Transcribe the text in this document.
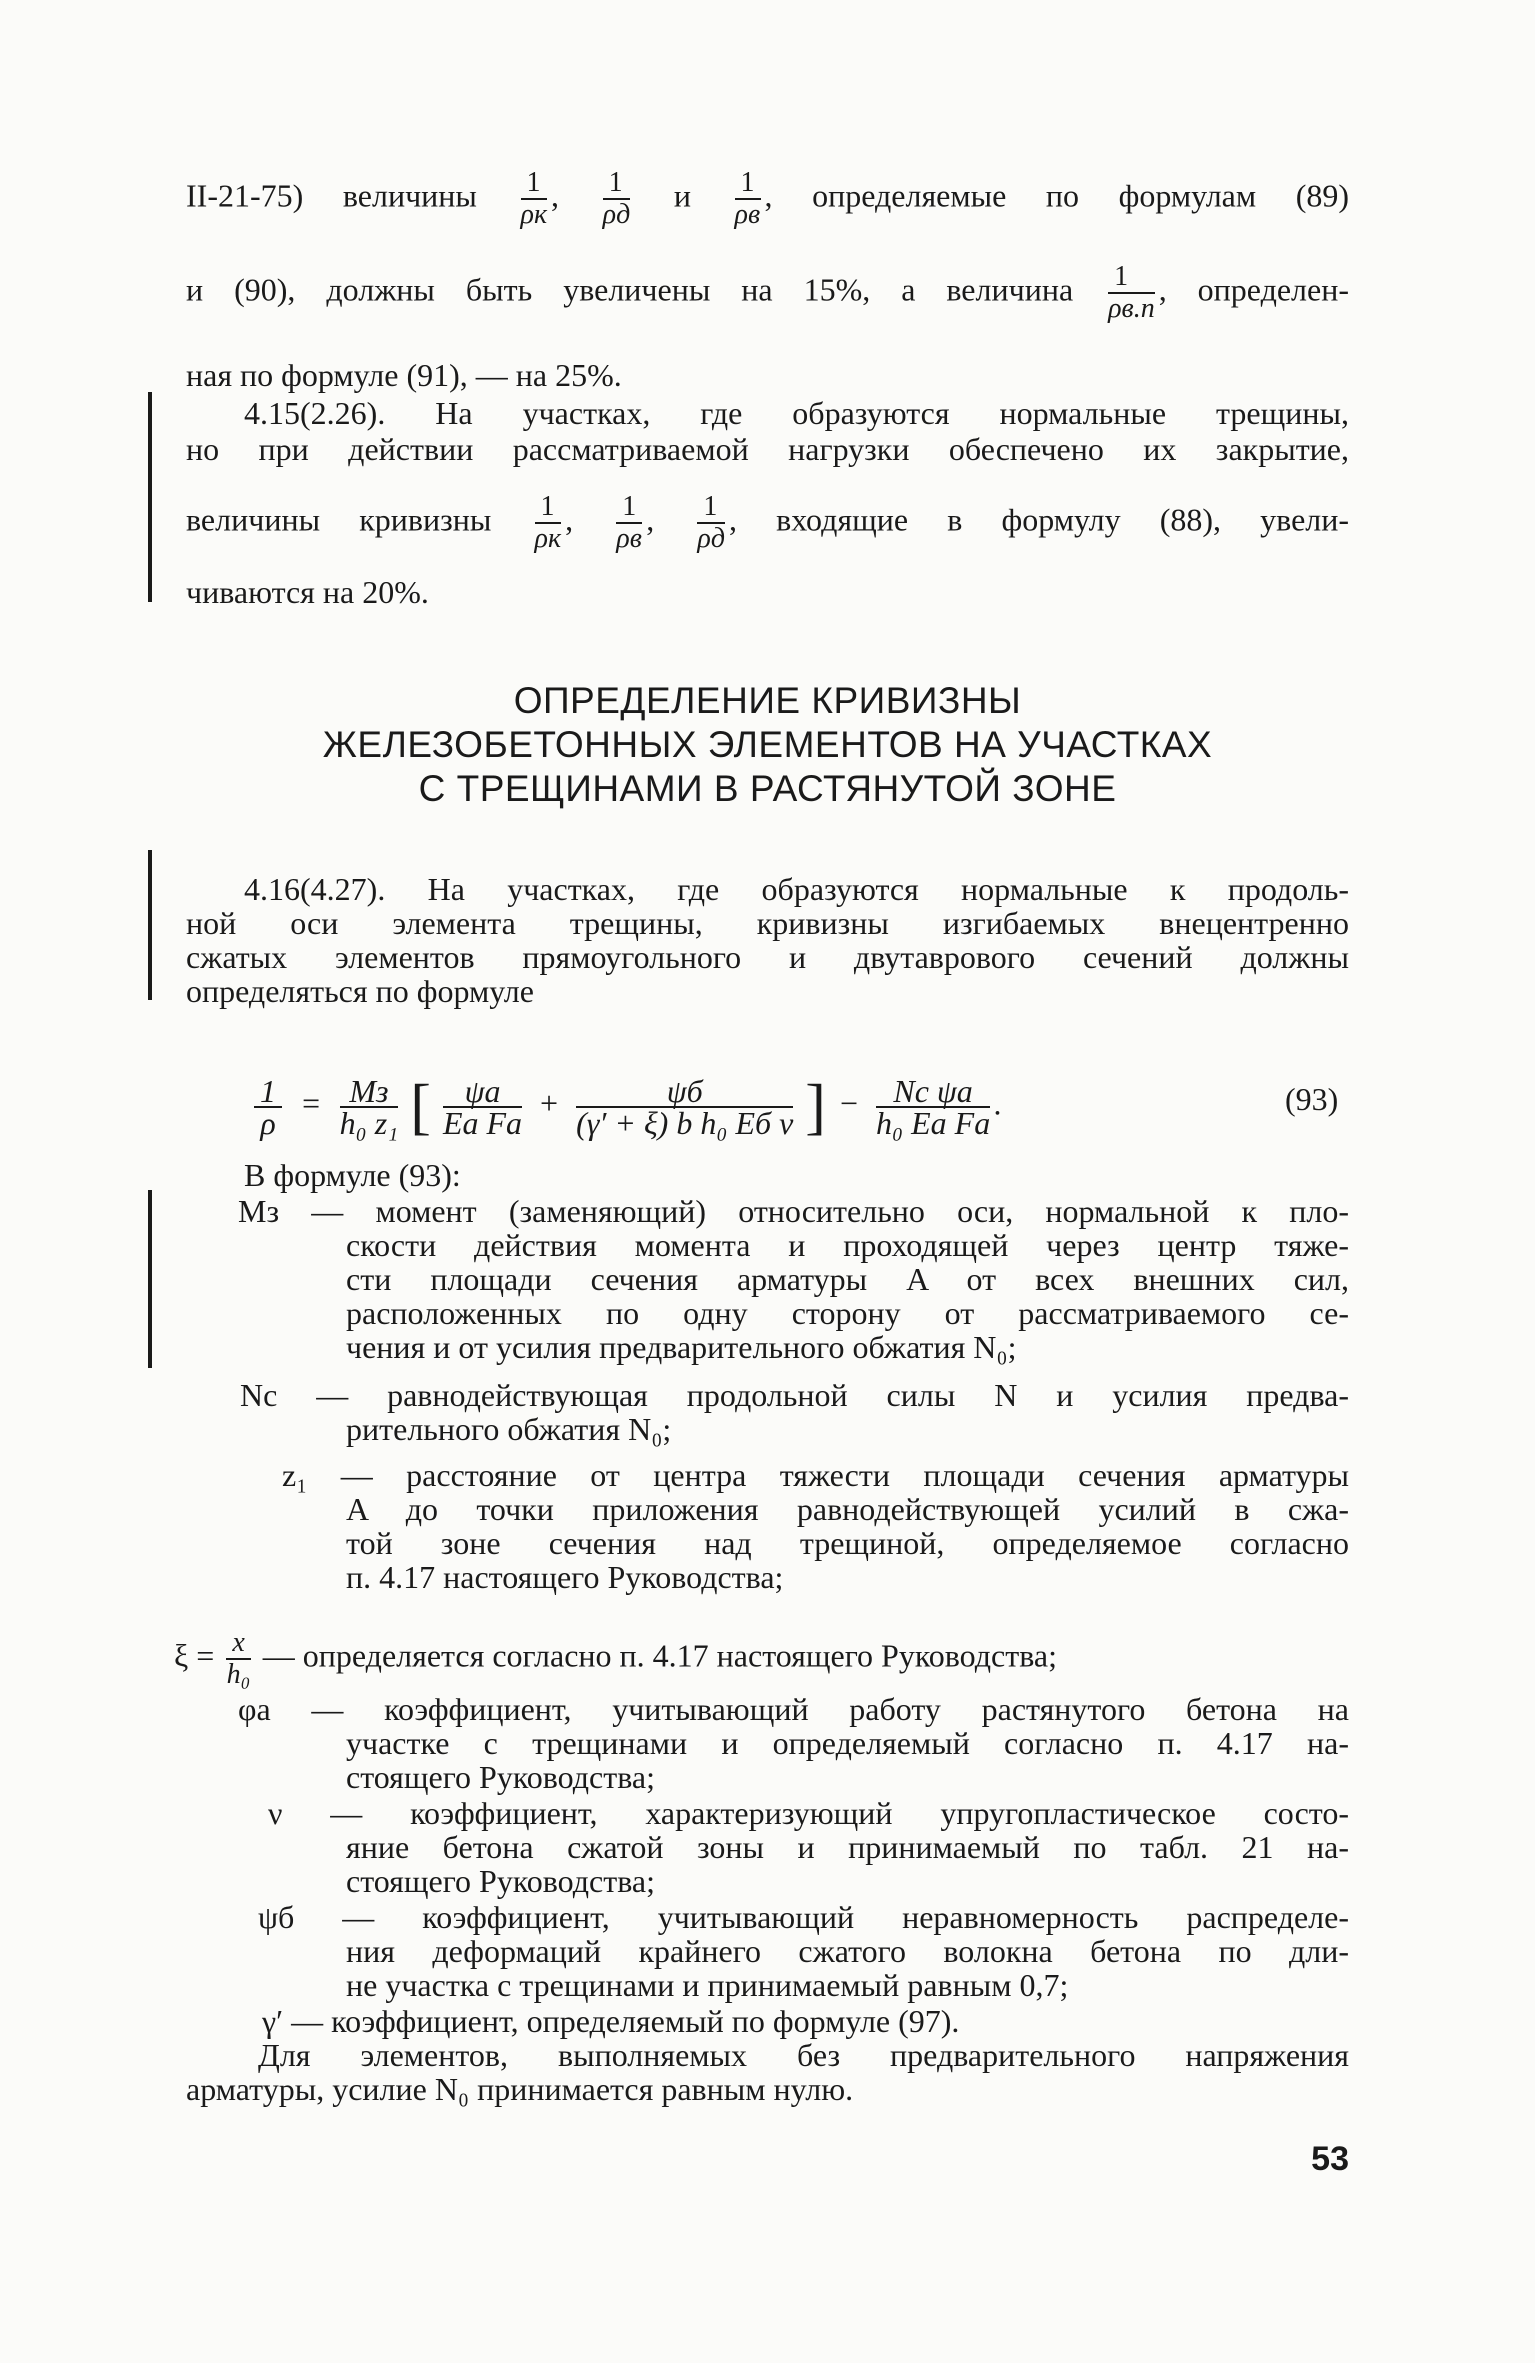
II-21-75) величины $\frac{1}{\rho к}$ , $\frac{1}{\rho д}$ и $\frac{1}{\rho в}$ , определяемые по формулам (89)
и (90), должны быть увеличены на 15%, а величина $\frac{1}{\rho в.п}$ , определен-
ная по формуле (91), — на 25%.
4.15(2.26). На участках, где образуются нормальные трещины,
но при действии рассматриваемой нагрузки обеспечено их закрытие,
величины кривизны $\frac{1}{\rho к}$ , $\frac{1}{\rho в}$ , $\frac{1}{\rho д}$ , входящие в формулу (88), увели-
чиваются на 20%.
ОПРЕДЕЛЕНИЕ КРИВИЗНЫ
ЖЕЛЕЗОБЕТОННЫХ ЭЛЕМЕНТОВ НА УЧАСТКАХ
С ТРЕЩИНАМИ В РАСТЯНУТОЙ ЗОНЕ
4.16(4.27). На участках, где образуются нормальные к продоль-
ной оси элемента трещины, кривизны изгибаемых внецентренно
сжатых элементов прямоугольного и двутаврового сечений должны
определяться по формуле
$\frac{1}{\rho} = \frac{Mз}{\text{h₀ z₁}}$ [ $\frac{\psi а}{\text{Eа Fа}} + \frac{\psi б}{\text{(γ′ + ξ) b h₀ Eб ν}}$ ] − $\frac{\text{Nc ψа}}{\text{h₀ Eа Fа}}$ .	(93)
В формуле (93):
Mз — момент (заменяющий) относительно оси, нормальной к пло-
скости действия момента и проходящей через центр тяже-
сти площади сечения арматуры A от всех внешних сил,
расположенных по одну сторону от рассматриваемого се-
чения и от усилия предварительного обжатия N₀;
Nc — равнодействующая продольной силы N и усилия предва-
рительного обжатия N₀;
z₁ — расстояние от центра тяжести площади сечения арматуры
A до точки приложения равнодействующей усилий в сжа-
той зоне сечения над трещиной, определяемое согласно
п. 4.17 настоящего Руководства;
$\xi = \frac{x}{\text{h₀}}$ — определяется согласно п. 4.17 настоящего Руководства;
φа — коэффициент, учитывающий работу растянутого бетона на
участке с трещинами и определяемый согласно п. 4.17 на-
стоящего Руководства;
ν — коэффициент, характеризующий упругопластическое состо-
яние бетона сжатой зоны и принимаемый по табл. 21 на-
стоящего Руководства;
ψб — коэффициент, учитывающий неравномерность распределе-
ния деформаций крайнего сжатого волокна бетона по дли-
не участка с трещинами и принимаемый равным 0,7;
γ′ — коэффициент, определяемый по формуле (97).
Для элементов, выполняемых без предварительного напряжения
арматуры, усилие N₀ принимается равным нулю.
53
